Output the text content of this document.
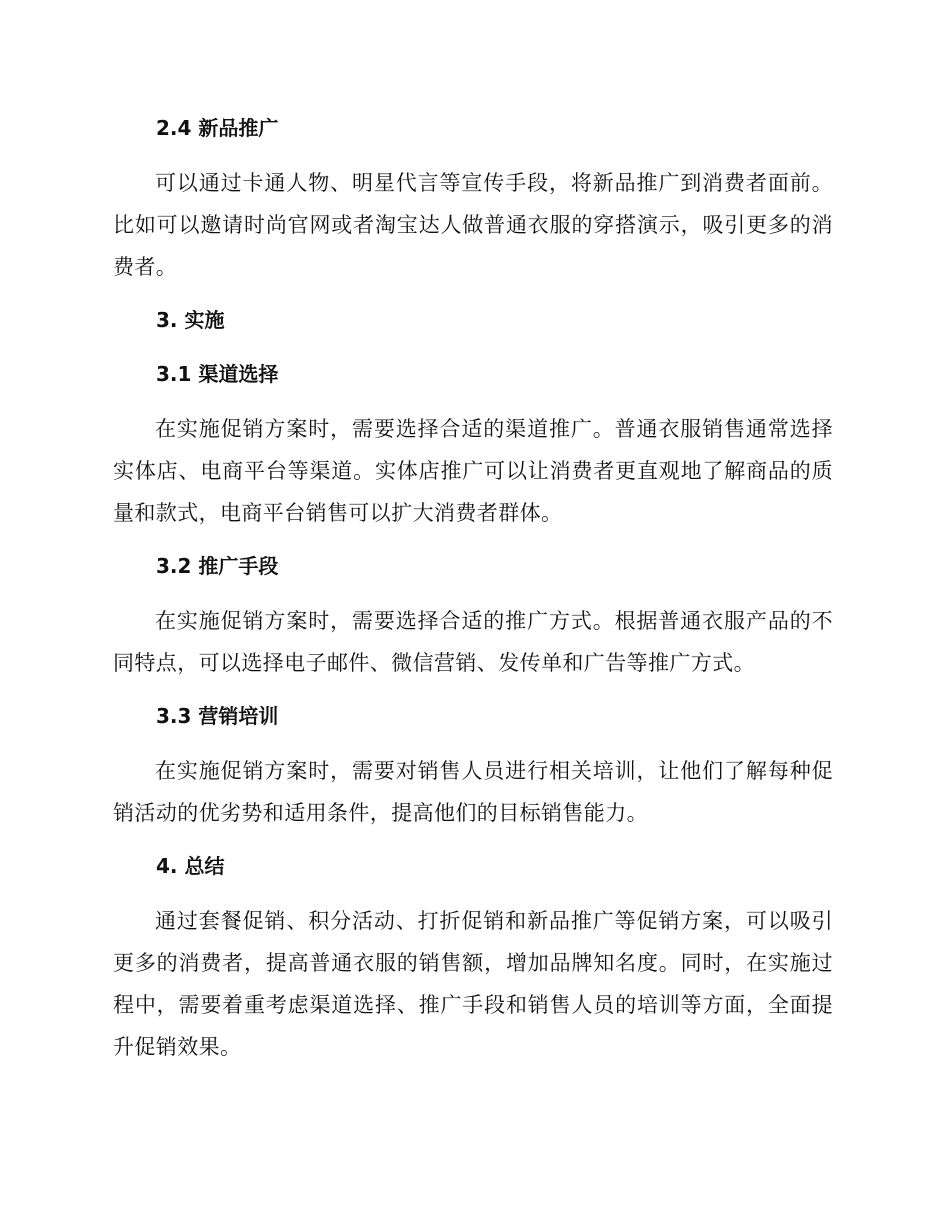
2.4 新品推广

可以通过卡通人物、明星代言等宣传手段，将新品推广到消费者面前。比如可以邀请时尚官网或者淘宝达人做普通衣服的穿搭演示，吸引更多的消费者。

3. 实施
3.1 渠道选择

在实施促销方案时，需要选择合适的渠道推广。普通衣服销售通常选择实体店、电商平台等渠道。实体店推广可以让消费者更直观地了解商品的质量和款式，电商平台销售可以扩大消费者群体。

3.2 推广手段

在实施促销方案时，需要选择合适的推广方式。根据普通衣服产品的不同特点，可以选择电子邮件、微信营销、发传单和广告等推广方式。

3.3 营销培训

在实施促销方案时，需要对销售人员进行相关培训，让他们了解每种促销活动的优劣势和适用条件，提高他们的目标销售能力。

4. 总结

通过套餐促销、积分活动、打折促销和新品推广等促销方案，可以吸引更多的消费者，提高普通衣服的销售额，增加品牌知名度。同时，在实施过程中，需要着重考虑渠道选择、推广手段和销售人员的培训等方面，全面提升促销效果。
